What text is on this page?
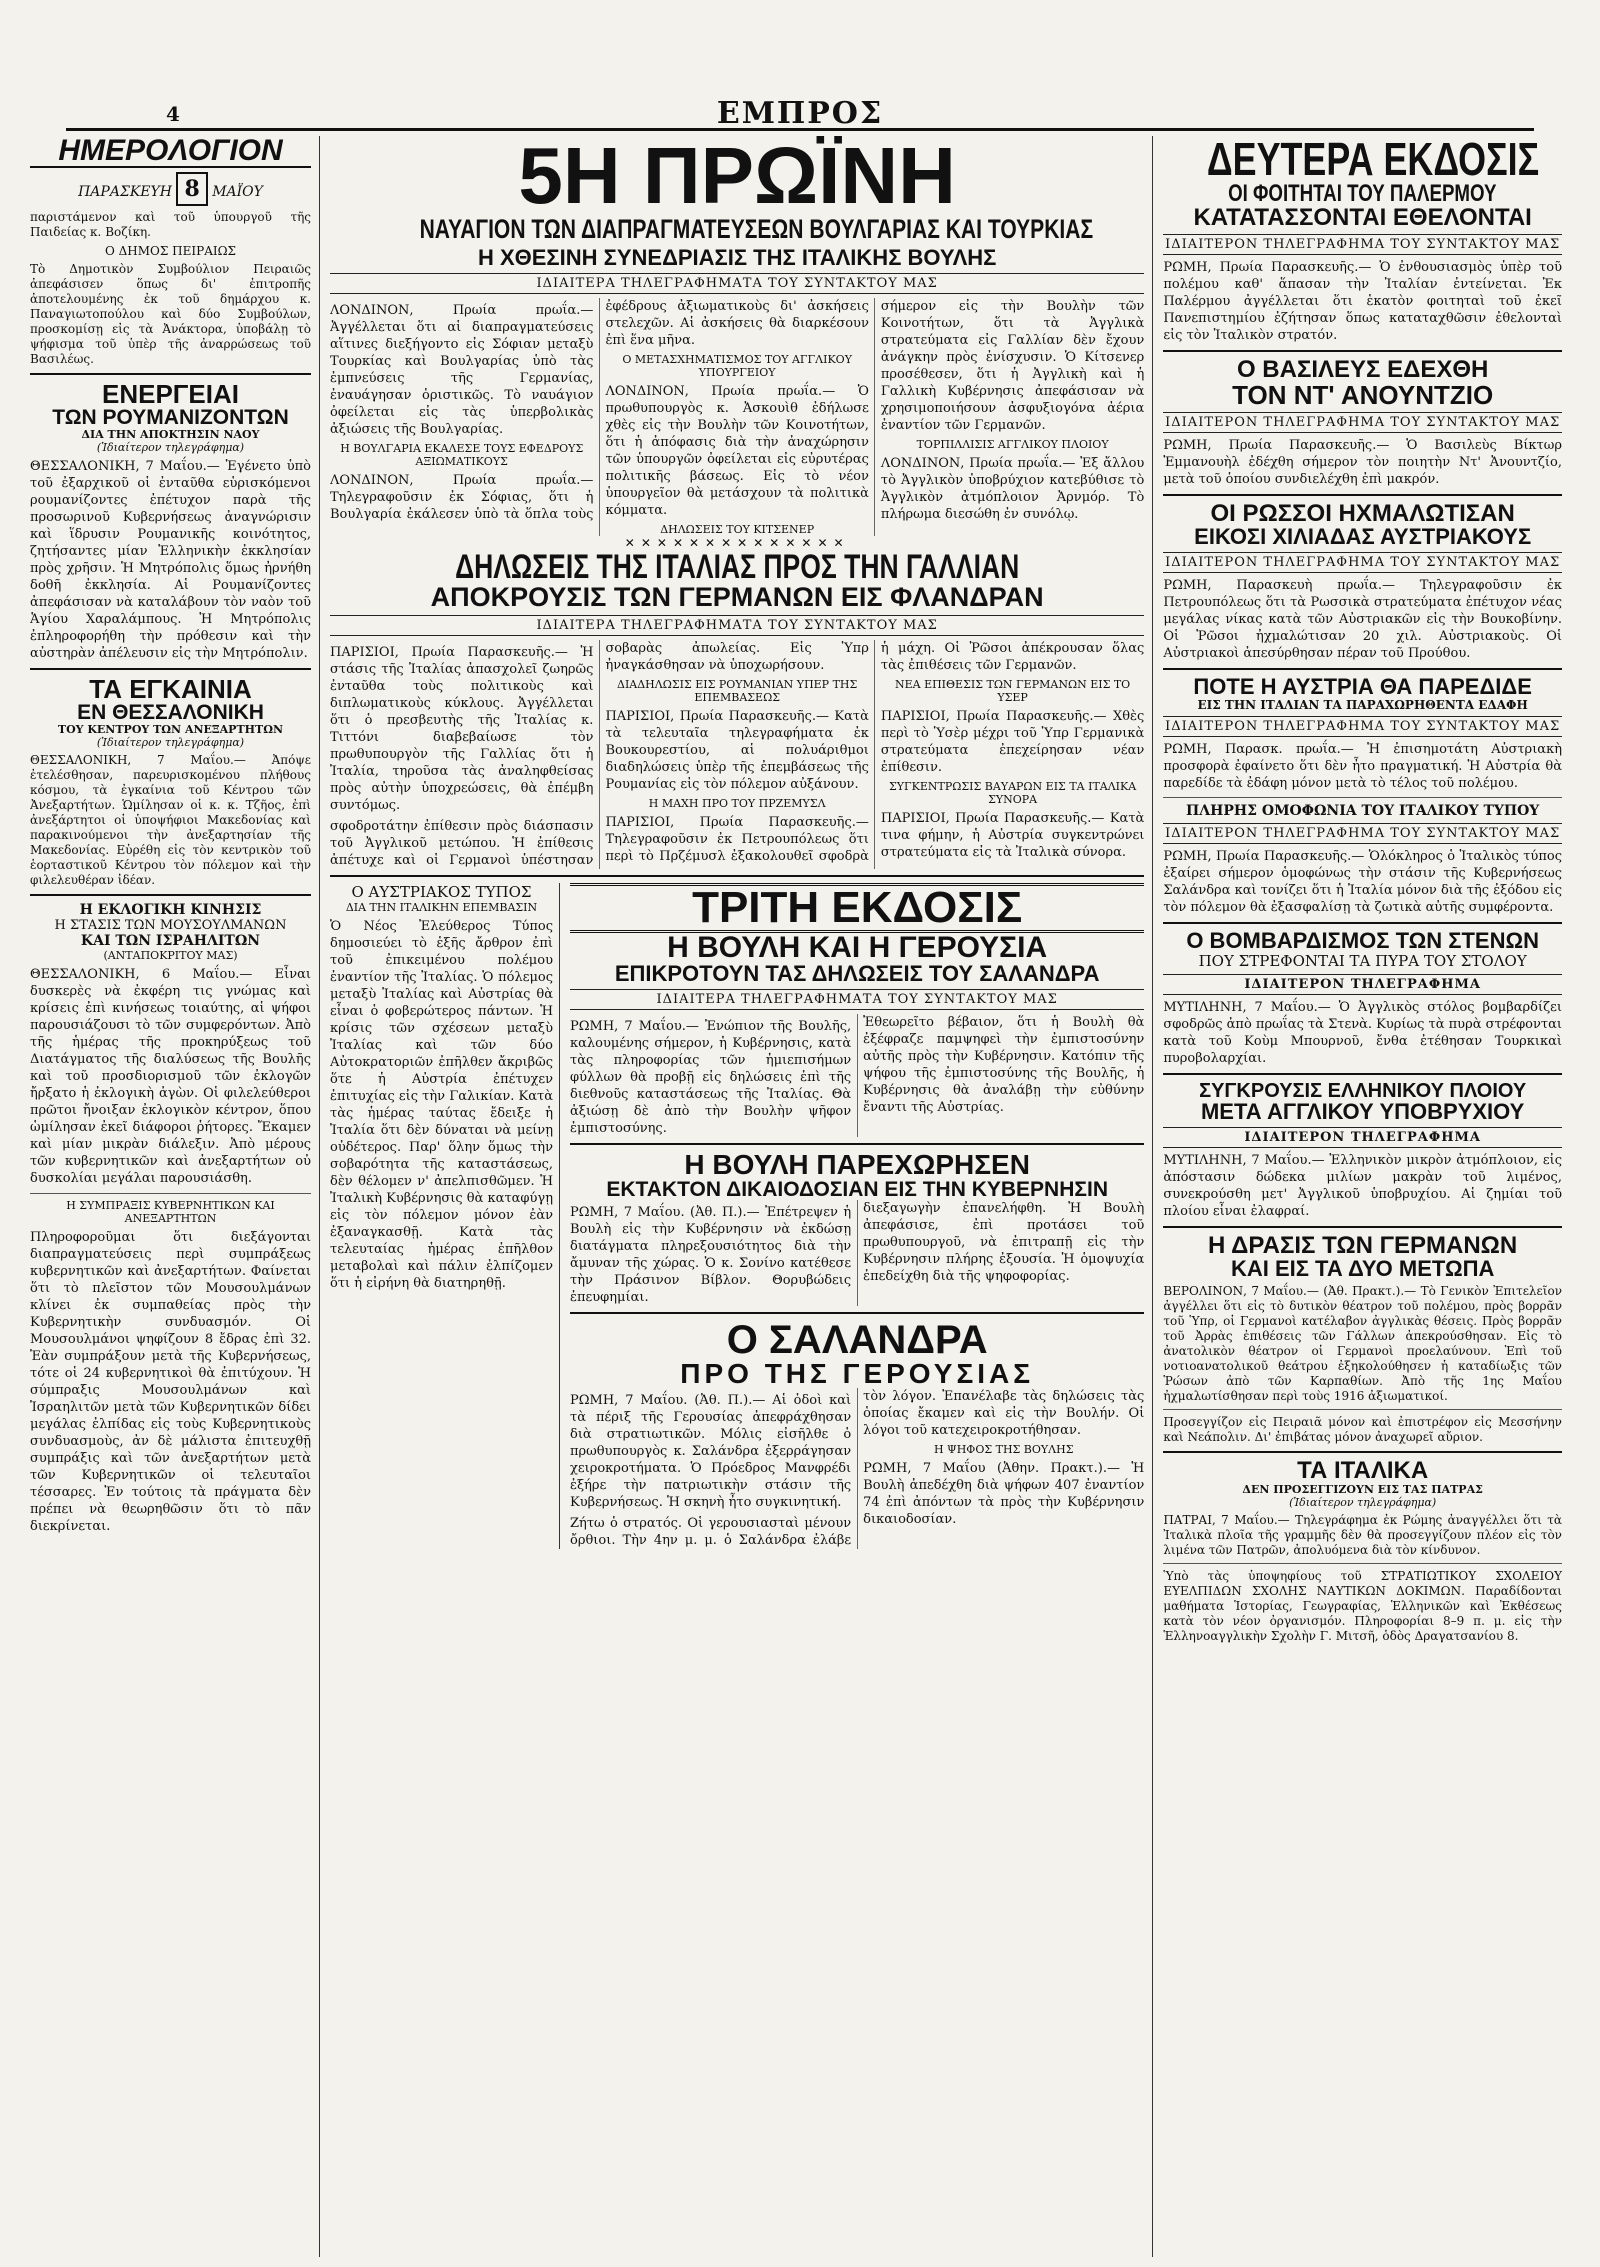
4	ΕΜΠΡΟΣ
ΗΜΕΡΟΛΟΓΙΟΝ
ΠΑΡΑΣΚΕΥΗ 8 ΜΑΪΟΥ
παριστάμενον καὶ τοῦ ὑπουργοῦ τῆς Παιδείας κ. Βοζίκη.
Ο ΔΗΜΟΣ ΠΕΙΡΑΙΩΣ
Τὸ Δημοτικὸν Συμβούλιον Πειραιῶς ἀπεφάσισεν ὅπως δι' ἐπιτροπῆς ἀποτελουμένης ἐκ τοῦ δημάρχου κ. Παναγιωτοπούλου καὶ δύο Συμβούλων, προσκομίσῃ εἰς τὰ Ἀνάκτορα, ὑποβάλῃ τὸ ψήφισμα τοῦ ὑπὲρ τῆς ἀναρρώσεως τοῦ Βασιλέως.
ΕΝΕΡΓΕΙΑΙ
ΤΩΝ ΡΟΥΜΑΝΙΖΟΝΤΩΝ
ΔΙΑ ΤΗΝ ΑΠΟΚΤΗΣΙΝ ΝΑΟΥ
(Ἰδιαίτερον τηλεγράφημα)
ΘΕΣΣΑΛΟΝΙΚΗ, 7 Μαΐου.— Ἐγένετο ὑπὸ τοῦ ἐξαρχικοῦ οἱ ἐνταῦθα εὑρισκόμενοι ρουμανίζοντες ἐπέτυχον παρὰ τῆς προσωρινοῦ Κυβερνήσεως ἀναγνώρισιν καὶ ἵδρυσιν Ρουμανικῆς κοινότητος, ζητήσαντες μίαν Ἑλληνικὴν ἐκκλησίαν πρὸς χρῆσιν. Ἡ Μητρόπολις ὅμως ἠρνήθη δοθῆ ἐκκλησία. Αἱ Ρουμανίζοντες ἀπεφάσισαν νὰ καταλάβουν τὸν ναὸν τοῦ Ἁγίου Χαραλάμπους. Ἡ Μητρόπολις ἐπληροφορήθη τὴν πρόθεσιν καὶ τὴν αὐστηρὰν ἀπέλευσιν εἰς τὴν Μητρόπολιν.
ΤΑ ΕΓΚΑΙΝΙΑ
ΕΝ ΘΕΣΣΑΛΟΝΙΚΗ
ΤΟΥ ΚΕΝΤΡΟΥ ΤΩΝ ΑΝΕΞΑΡΤΗΤΩΝ
(Ἰδιαίτερον τηλεγράφημα)
ΘΕΣΣΑΛΟΝΙΚΗ, 7 Μαΐου.— Ἀπόψε ἐτελέσθησαν, παρευρισκομένου πλήθους κόσμου, τὰ ἐγκαίνια τοῦ Κέντρου τῶν Ἀνεξαρτήτων. Ὡμίλησαν οἱ κ. κ. Τζῆος, ἐπὶ ἀνεξάρτητοι οἱ ὑποψήφιοι Μακεδονίας καὶ παρακινούμενοι τὴν ἀνεξαρτησίαν τῆς Μακεδονίας. Εὑρέθη εἰς τὸν κεντρικὸν τοῦ ἑορταστικοῦ Κέντρου τὸν πόλεμον καὶ τὴν φιλελευθέραν ἰδέαν.
Η ΕΚΛΟΓΙΚΗ ΚΙΝΗΣΙΣ
Η ΣΤΑΣΙΣ ΤΩΝ ΜΟΥΣΟΥΛΜΑΝΩΝ
ΚΑΙ ΤΩΝ ΙΣΡΑΗΛΙΤΩΝ
(ΑΝΤΑΠΟΚΡΙΤΟΥ ΜΑΣ)
ΘΕΣΣΑΛΟΝΙΚΗ, 6 Μαΐου.— Εἶναι δυσκερὲς νὰ ἐκφέρη τις γνώμας καὶ κρίσεις ἐπὶ κινήσεως τοιαύτης, αἱ ψήφοι παρουσιάζουσι τὸ τῶν συμφερόντων. Ἀπὸ τῆς ἡμέρας τῆς προκηρύξεως τοῦ Διατάγματος τῆς διαλύσεως τῆς Βουλῆς καὶ τοῦ προσδιορισμοῦ τῶν ἐκλογῶν ἤρξατο ἡ ἐκλογικὴ ἀγὼν. Οἱ φιλελεύθεροι πρῶτοι ἤνοιξαν ἐκλογικὸν κέντρον, ὅπου ὡμίλησαν ἐκεῖ διάφοροι ῥήτορες. Ἔκαμεν καὶ μίαν μικρὰν διάλεξιν. Ἀπὸ μέρους τῶν κυβερνητικῶν καὶ ἀνεξαρτήτων οὐ δυσκολίαι μεγάλαι παρουσιάσθη.
Η ΣΥΜΠΡΑΞΙΣ ΚΥΒΕΡΝΗΤΙΚΩΝ ΚΑΙ ΑΝΕΞΑΡΤΗΤΩΝ
Πληροφοροῦμαι ὅτι διεξάγονται διαπραγματεύσεις περὶ συμπράξεως κυβερνητικῶν καὶ ἀνεξαρτήτων. Φαίνεται ὅτι τὸ πλεῖστον τῶν Μουσουλμάνων κλίνει ἐκ συμπαθείας πρὸς τὴν Κυβερνητικὴν συνδυασμόν. Οἱ Μουσουλμάνοι ψηφίζουν 8 ἔδρας ἐπὶ 32. Ἐὰν συμπράξουν μετὰ τῆς Κυβερνήσεως, τότε οἱ 24 κυβερνητικοὶ θὰ ἐπιτύχουν. Ἡ σύμπραξις Μουσουλμάνων καὶ Ἰσραηλιτῶν μετὰ τῶν Κυβερνητικῶν δίδει μεγάλας ἐλπίδας εἰς τοὺς Κυβερνητικοὺς συνδυασμοὺς, ἀν δὲ μάλιστα ἐπιτευχθῇ συμπράξις καὶ τῶν ἀνεξαρτήτων μετὰ τῶν Κυβερνητικῶν οἱ τελευταῖοι τέσσαρες. Ἐν τούτοις τὰ πράγματα δὲν πρέπει νὰ θεωρηθῶσιν ὅτι τὸ πᾶν διεκρίνεται.
5Η ΠΡΩΪΝΗ
ΝΑΥΑΓΙΟΝ ΤΩΝ ΔΙΑΠΡΑΓΜΑΤΕΥΣΕΩΝ ΒΟΥΛΓΑΡΙΑΣ ΚΑΙ ΤΟΥΡΚΙΑΣ
Η ΧΘΕΣΙΝΗ ΣΥΝΕΔΡΙΑΣΙΣ ΤΗΣ ΙΤΑΛΙΚΗΣ ΒΟΥΛΗΣ
ΙΔΙΑΙΤΕΡΑ ΤΗΛΕΓΡΑΦΗΜΑΤΑ ΤΟΥ ΣΥΝΤΑΚΤΟΥ ΜΑΣ
ΛΟΝΔΙΝΟΝ, Πρωία πρωΐα.— Ἀγγέλλεται ὅτι αἱ διαπραγματεύσεις αἵτινες διεξήγοντο εἰς Σόφιαν μεταξὺ Τουρκίας καὶ Βουλγαρίας ὑπὸ τὰς ἐμπνεύσεις τῆς Γερμανίας, ἐναυάγησαν ὁριστικῶς. Τὸ ναυάγιον ὀφείλεται εἰς τὰς ὑπερβολικὰς ἀξιώσεις τῆς Βουλγαρίας.
Η ΒΟΥΛΓΑΡΙΑ ΕΚΑΛΕΣΕ ΤΟΥΣ ΕΦΕΔΡΟΥΣ ΑΞΙΩΜΑΤΙΚΟΥΣ
ΛΟΝΔΙΝΟΝ, Πρωία πρωΐα.— Τηλεγραφοῦσιν ἐκ Σόφιας, ὅτι ἡ Βουλγαρία ἐκάλεσεν ὑπὸ τὰ ὅπλα τοὺς ἐφέδρους ἀξιωματικοὺς δι' ἀσκήσεις στελεχῶν. Αἱ ἀσκήσεις θὰ διαρκέσουν ἐπὶ ἕνα μῆνα.
Ο ΜΕΤΑΣΧΗΜΑΤΙΣΜΟΣ ΤΟΥ ΑΓΓΛΙΚΟΥ ΥΠΟΥΡΓΕΙΟΥ
ΛΟΝΔΙΝΟΝ, Πρωία πρωΐα.— Ὁ πρωθυπουργὸς κ. Ἀσκουὶθ ἐδήλωσε χθὲς εἰς τὴν Βουλὴν τῶν Κοινοτήτων, ὅτι ἡ ἀπόφασις διὰ τὴν ἀναχώρησιν τῶν ὑπουργῶν ὀφείλεται εἰς εὐρυτέρας πολιτικῆς βάσεως. Εἰς τὸ νέον ὑπουργεῖον θὰ μετάσχουν τὰ πολιτικὰ κόμματα.
ΔΗΛΩΣΕΙΣ ΤΟΥ ΚΙΤΣΕΝΕΡ
σήμερον εἰς τὴν Βουλὴν τῶν Κοινοτήτων, ὅτι τὰ Ἀγγλικὰ στρατεύματα εἰς Γαλλίαν δὲν ἔχουν ἀνάγκην πρὸς ἐνίσχυσιν. Ὁ Κίτσενερ προσέθεσεν, ὅτι ἡ Ἀγγλικὴ καὶ ἡ Γαλλικὴ Κυβέρνησις ἀπεφάσισαν νὰ χρησιμοποιήσουν ἀσφυξιογόνα ἀέρια ἐναντίον τῶν Γερμανῶν.
ΤΟΡΠΙΛΛΙΣΙΣ ΑΓΓΛΙΚΟΥ ΠΛΟΙΟΥ
ΛΟΝΔΙΝΟΝ, Πρωία πρωΐα.— Ἐξ ἄλλου τὸ Ἀγγλικὸν ὑποβρύχιον κατεβύθισε τὸ Ἀγγλικὸν ἀτμόπλοιον Ἀρνμόρ. Τὸ πλήρωμα διεσώθη ἐν συνόλῳ.
✕✕✕✕✕✕✕✕✕✕✕✕✕✕
ΔΗΛΩΣΕΙΣ ΤΗΣ ΙΤΑΛΙΑΣ ΠΡΟΣ ΤΗΝ ΓΑΛΛΙΑΝ
ΑΠΟΚΡΟΥΣΙΣ ΤΩΝ ΓΕΡΜΑΝΩΝ ΕΙΣ ΦΛΑΝΔΡΑΝ
ΙΔΙΑΙΤΕΡΑ ΤΗΛΕΓΡΑΦΗΜΑΤΑ ΤΟΥ ΣΥΝΤΑΚΤΟΥ ΜΑΣ
ΠΑΡΙΣΙΟΙ, Πρωία Παρασκευῆς.— Ἡ στάσις τῆς Ἰταλίας ἀπασχολεῖ ζωηρῶς ἐνταῦθα τοὺς πολιτικοὺς καὶ διπλωματικοὺς κύκλους. Ἀγγέλλεται ὅτι ὁ πρεσβευτὴς τῆς Ἰταλίας κ. Τιττόνι διαβεβαίωσε τὸν πρωθυπουργὸν τῆς Γαλλίας ὅτι ἡ Ἰταλία, τηροῦσα τὰς ἀναληφθείσας πρὸς αὐτὴν ὑποχρεώσεις, θὰ ἐπέμβη συντόμως.
σφοδροτάτην ἐπίθεσιν πρὸς διάσπασιν τοῦ Ἀγγλικοῦ μετώπου. Ἡ ἐπίθεσις ἀπέτυχε καὶ οἱ Γερμανοὶ ὑπέστησαν σοβαρὰς ἀπωλείας. Εἰς Ὑπρ ἠναγκάσθησαν νὰ ὑποχωρήσουν.
ΔΙΑΔΗΛΩΣΙΣ ΕΙΣ ΡΟΥΜΑΝΙΑΝ ΥΠΕΡ ΤΗΣ ΕΠΕΜΒΑΣΕΩΣ
ΠΑΡΙΣΙΟΙ, Πρωία Παρασκευῆς.— Κατὰ τὰ τελευταῖα τηλεγραφήματα ἐκ Βουκουρεστίου, αἱ πολυάριθμοι διαδηλώσεις ὑπὲρ τῆς ἐπεμβάσεως τῆς Ρουμανίας εἰς τὸν πόλεμον αὐξάνουν.
Η ΜΑΧΗ ΠΡΟ ΤΟΥ ΠΡΖΕΜΥΣΛ
ΠΑΡΙΣΙΟΙ, Πρωία Παρασκευῆς.— Τηλεγραφοῦσιν ἐκ Πετρουπόλεως ὅτι περὶ τὸ Πρζέμυσλ ἐξακολουθεῖ σφοδρὰ ἡ μάχη. Οἱ Ῥῶσοι ἀπέκρουσαν ὅλας τὰς ἐπιθέσεις τῶν Γερμανῶν.
ΝΕΑ ΕΠΙΘΕΣΙΣ ΤΩΝ ΓΕΡΜΑΝΩΝ ΕΙΣ ΤΟ ΥΣΕΡ
ΠΑΡΙΣΙΟΙ, Πρωία Παρασκευῆς.— Χθὲς περὶ τὸ Ὑσὲρ μέχρι τοῦ Ὑπρ Γερμανικὰ στρατεύματα ἐπεχείρησαν νέαν ἐπίθεσιν.
ΣΥΓΚΕΝΤΡΩΣΙΣ ΒΑΥΑΡΩΝ ΕΙΣ ΤΑ ΙΤΑΛΙΚΑ ΣΥΝΟΡΑ
ΠΑΡΙΣΙΟΙ, Πρωία Παρασκευῆς.— Κατὰ τινα φήμην, ἡ Αὐστρία συγκεντρώνει στρατεύματα εἰς τὰ Ἰταλικὰ σύνορα.
Ο ΑΥΣΤΡΙΑΚΟΣ ΤΥΠΟΣ
ΔΙΑ ΤΗΝ ΙΤΑΛΙΚΗΝ ΕΠΕΜΒΑΣΙΝ
Ὁ Νέος Ἐλεύθερος Τύπος δημοσιεύει τὸ ἑξῆς ἄρθρον ἐπὶ τοῦ ἐπικειμένου πολέμου ἐναντίον τῆς Ἰταλίας. Ὁ πόλεμος μεταξὺ Ἰταλίας καὶ Αὐστρίας θὰ εἶναι ὁ φοβερώτερος πάντων. Ἡ κρίσις τῶν σχέσεων μεταξὺ Ἰταλίας καὶ τῶν δύο Αὐτοκρατοριῶν ἐπῆλθεν ἄκριβῶς ὅτε ἡ Αὐστρία ἐπέτυχεν ἐπιτυχίας εἰς τὴν Γαλικίαν. Κατὰ τὰς ἡμέρας ταύτας ἔδειξε ἡ Ἰταλία ὅτι δὲν δύναται νὰ μείνῃ οὐδέτερος. Παρ' ὅλην ὅμως τὴν σοβαρότητα τῆς καταστάσεως, δὲν θέλομεν ν' ἀπελπισθῶμεν. Ἡ Ἰταλικὴ Κυβέρνησις θὰ καταφύγῃ εἰς τὸν πόλεμον μόνον ἐὰν ἐξαναγκασθῇ. Κατὰ τὰς τελευταίας ἡμέρας ἐπῆλθον μεταβολαὶ καὶ πάλιν ἐλπίζομεν ὅτι ἡ εἰρήνη θὰ διατηρηθῇ.
ΤΡΙΤΗ ΕΚΔΟΣΙΣ
Η ΒΟΥΛΗ ΚΑΙ Η ΓΕΡΟΥΣΙΑ
ΕΠΙΚΡΟΤΟΥΝ ΤΑΣ ΔΗΛΩΣΕΙΣ ΤΟΥ ΣΑΛΑΝΔΡΑ
ΙΔΙΑΙΤΕΡΑ ΤΗΛΕΓΡΑΦΗΜΑΤΑ ΤΟΥ ΣΥΝΤΑΚΤΟΥ ΜΑΣ
ΡΩΜΗ, 7 Μαΐου.— Ἐνώπιον τῆς Βουλῆς, καλουμένης σήμερον, ἡ Κυβέρνησις, κατὰ τὰς πληροφορίας τῶν ἡμιεπισήμων φύλλων θὰ προβῇ εἰς δηλώσεις ἐπὶ τῆς διεθνοῦς καταστάσεως τῆς Ἰταλίας. Θὰ ἀξιώσῃ δὲ ἀπὸ τὴν Βουλὴν ψῆφον ἐμπιστοσύνης.
Ἐθεωρεῖτο βέβαιον, ὅτι ἡ Βουλὴ θὰ ἐξέφραζε παμψηφεὶ τὴν ἐμπιστοσύνην αὐτῆς πρὸς τὴν Κυβέρνησιν. Κατόπιν τῆς ψήφου τῆς ἐμπιστοσύνης τῆς Βουλῆς, ἡ Κυβέρνησις θὰ ἀναλάβῃ τὴν εὐθύνην ἔναντι τῆς Αὐστρίας.
Η ΒΟΥΛΗ ΠΑΡΕΧΩΡΗΣΕΝ
ΕΚΤΑΚΤΟΝ ΔΙΚΑΙΟΔΟΣΙΑΝ ΕΙΣ ΤΗΝ ΚΥΒΕΡΝΗΣΙΝ
ΡΩΜΗ, 7 Μαΐου. (Ἀθ. Π.).— Ἐπέτρεψεν ἡ Βουλὴ εἰς τὴν Κυβέρνησιν νὰ ἐκδώσῃ διατάγματα πληρεξουσιότητος διὰ τὴν ἄμυναν τῆς χώρας. Ὁ κ. Σονίνο κατέθεσε τὴν Πράσινον Βίβλον. Θορυβώδεις ἐπευφημίαι.
διεξαγωγὴν ἐπανελήφθη. Ἡ Βουλὴ ἀπεφάσισε, ἐπὶ προτάσει τοῦ πρωθυπουργοῦ, νὰ ἐπιτραπῇ εἰς τὴν Κυβέρνησιν πλήρης ἐξουσία. Ἡ ὁμοψυχία ἐπεδείχθη διὰ τῆς ψηφοφορίας.
Ο ΣΑΛΑΝΔΡΑ
ΠΡΟ ΤΗΣ ΓΕΡΟΥΣΙΑΣ
ΡΩΜΗ, 7 Μαΐου. (Ἀθ. Π.).— Αἱ ὁδοὶ καὶ τὰ πέριξ τῆς Γερουσίας ἀπεφράχθησαν διὰ στρατιωτικῶν. Μόλις εἰσῆλθε ὁ πρωθυπουργὸς κ. Σαλάνδρα ἐξερράγησαν χειροκροτήματα. Ὁ Πρόεδρος Μανφρέδι ἐξήρε τὴν πατριωτικὴν στάσιν τῆς Κυβερνήσεως. Ἡ σκηνὴ ἦτο συγκινητική.
Ζήτω ὁ στρατός. Οἱ γερουσιασταὶ μένουν ὄρθιοι. Τὴν 4ην μ. μ. ὁ Σαλάνδρα ἐλάβε τὸν λόγον. Ἐπανέλαβε τὰς δηλώσεις τὰς ὁποίας ἔκαμεν καὶ εἰς τὴν Βουλήν. Οἱ λόγοι τοῦ κατεχειροκροτήθησαν.
Η ΨΗΦΟΣ ΤΗΣ ΒΟΥΛΗΣ
ΡΩΜΗ, 7 Μαΐου (Ἀθην. Πρακτ.).— Ἡ Βουλὴ ἀπεδέχθη διὰ ψήφων 407 ἐναντίον 74 ἐπὶ ἀπόντων τὰ πρὸς τὴν Κυβέρνησιν δικαιοδοσίαν.
ΔΕΥΤΕΡΑ ΕΚΔΟΣΙΣ
ΟΙ ΦΟΙΤΗΤΑΙ ΤΟΥ ΠΑΛΕΡΜΟΥ
ΚΑΤΑΤΑΣΣΟΝΤΑΙ ΕΘΕΛΟΝΤΑΙ
ΙΔΙΑΙΤΕΡΟΝ ΤΗΛΕΓΡΑΦΗΜΑ ΤΟΥ ΣΥΝΤΑΚΤΟΥ ΜΑΣ
ΡΩΜΗ, Πρωία Παρασκευῆς.— Ὁ ἐνθουσιασμὸς ὑπὲρ τοῦ πολέμου καθ' ἅπασαν τὴν Ἰταλίαν ἐντείνεται. Ἐκ Παλέρμου ἀγγέλλεται ὅτι ἑκατὸν φοιτηταὶ τοῦ ἐκεῖ Πανεπιστημίου ἐζήτησαν ὅπως καταταχθῶσιν ἐθελονταὶ εἰς τὸν Ἰταλικὸν στρατόν.
Ο ΒΑΣΙΛΕΥΣ ΕΔΕΧΘΗ
ΤΟΝ ΝΤ' ΑΝΟΥΝΤΖΙΟ
ΙΔΙΑΙΤΕΡΟΝ ΤΗΛΕΓΡΑΦΗΜΑ ΤΟΥ ΣΥΝΤΑΚΤΟΥ ΜΑΣ
ΡΩΜΗ, Πρωία Παρασκευῆς.— Ὁ Βασιλεὺς Βίκτωρ Ἐμμανουὴλ ἐδέχθη σήμερον τὸν ποιητὴν Ντ' Ἀνουντζίο, μετὰ τοῦ ὁποίου συνδιελέχθη ἐπὶ μακρόν.
ΟΙ ΡΩΣΣΟΙ ΗΧΜΑΛΩΤΙΣΑΝ
ΕΙΚΟΣΙ ΧΙΛΙΑΔΑΣ ΑΥΣΤΡΙΑΚΟΥΣ
ΙΔΙΑΙΤΕΡΟΝ ΤΗΛΕΓΡΑΦΗΜΑ ΤΟΥ ΣΥΝΤΑΚΤΟΥ ΜΑΣ
ΡΩΜΗ, Παρασκευὴ πρωΐα.— Τηλεγραφοῦσιν ἐκ Πετρουπόλεως ὅτι τὰ Ρωσσικὰ στρατεύματα ἐπέτυχον νέας μεγάλας νίκας κατὰ τῶν Αὐστριακῶν εἰς τὴν Βουκοβίνην. Οἱ Ῥῶσοι ἠχμαλώτισαν 20 χιλ. Αὐστριακοὺς. Οἱ Αὐστριακοὶ ἀπεσύρθησαν πέραν τοῦ Προύθου.
ΠΟΤΕ Η ΑΥΣΤΡΙΑ ΘΑ ΠΑΡΕΔΙΔΕ
ΕΙΣ ΤΗΝ ΙΤΑΛΙΑΝ ΤΑ ΠΑΡΑΧΩΡΗΘΕΝΤΑ ΕΔΑΦΗ
ΙΔΙΑΙΤΕΡΟΝ ΤΗΛΕΓΡΑΦΗΜΑ ΤΟΥ ΣΥΝΤΑΚΤΟΥ ΜΑΣ
ΡΩΜΗ, Παρασκ. πρωΐα.— Ἡ ἐπισημοτάτη Αὐστριακὴ προσφορὰ ἐφαίνετο ὅτι δὲν ἦτο πραγματική. Ἡ Αὐστρία θὰ παρεδίδε τὰ ἐδάφη μόνον μετὰ τὸ τέλος τοῦ πολέμου.
ΠΛΗΡΗΣ ΟΜΟΦΩΝΙΑ ΤΟΥ ΙΤΑΛΙΚΟΥ ΤΥΠΟΥ
ΙΔΙΑΙΤΕΡΟΝ ΤΗΛΕΓΡΑΦΗΜΑ ΤΟΥ ΣΥΝΤΑΚΤΟΥ ΜΑΣ
ΡΩΜΗ, Πρωία Παρασκευῆς.— Ὁλόκληρος ὁ Ἰταλικὸς τύπος ἐξαίρει σήμερον ὁμοφώνως τὴν στάσιν τῆς Κυβερνήσεως Σαλάνδρα καὶ τονίζει ὅτι ἡ Ἰταλία μόνον διὰ τῆς ἐξόδου εἰς τὸν πόλεμον θὰ ἐξασφαλίσῃ τὰ ζωτικὰ αὐτῆς συμφέροντα.
Ο ΒΟΜΒΑΡΔΙΣΜΟΣ ΤΩΝ ΣΤΕΝΩΝ
ΠΟΥ ΣΤΡΕΦΟΝΤΑΙ ΤΑ ΠΥΡΑ ΤΟΥ ΣΤΟΛΟΥ
ΙΔΙΑΙΤΕΡΟΝ ΤΗΛΕΓΡΑΦΗΜΑ
ΜΥΤΙΛΗΝΗ, 7 Μαΐου.— Ὁ Ἀγγλικὸς στόλος βομβαρδίζει σφοδρῶς ἀπὸ πρωΐας τὰ Στενὰ. Κυρίως τὰ πυρὰ στρέφονται κατὰ τοῦ Κοὺμ Μπουρνοῦ, ἔνθα ἐτέθησαν Τουρκικαὶ πυροβολαρχίαι.
ΣΥΓΚΡΟΥΣΙΣ ΕΛΛΗΝΙΚΟΥ ΠΛΟΙΟΥ
ΜΕΤΑ ΑΓΓΛΙΚΟΥ ΥΠΟΒΡΥΧΙΟΥ
ΙΔΙΑΙΤΕΡΟΝ ΤΗΛΕΓΡΑΦΗΜΑ
ΜΥΤΙΛΗΝΗ, 7 Μαΐου.— Ἑλληνικὸν μικρὸν ἀτμόπλοιον, εἰς ἀπόστασιν δώδεκα μιλίων μακρὰν τοῦ λιμένος, συνεκρούσθη μετ' Ἀγγλικοῦ ὑποβρυχίου. Αἱ ζημίαι τοῦ πλοίου εἶναι ἐλαφραί.
Η ΔΡΑΣΙΣ ΤΩΝ ΓΕΡΜΑΝΩΝ
ΚΑΙ ΕΙΣ ΤΑ ΔΥΟ ΜΕΤΩΠΑ
ΒΕΡΟΛΙΝΟΝ, 7 Μαΐου.— (Ἀθ. Πρακτ.).— Τὸ Γενικὸν Ἐπιτελεῖον ἀγγέλλει ὅτι εἰς τὸ δυτικὸν θέατρον τοῦ πολέμου, πρὸς βορρᾶν τοῦ Ὑπρ, οἱ Γερμανοὶ κατέλαβον ἀγγλικὰς θέσεις. Πρὸς βορρᾶν τοῦ Ἀρρὰς ἐπιθέσεις τῶν Γάλλων ἀπεκρούσθησαν. Εἰς τὸ ἀνατολικὸν θέατρον οἱ Γερμανοὶ προελαύνουν. Ἐπὶ τοῦ νοτιοανατολικοῦ θεάτρου ἐξηκολούθησεν ἡ καταδίωξις τῶν Ῥώσων ἀπὸ τῶν Καρπαθίων. Ἀπὸ τῆς 1ης Μαΐου ἠχμαλωτίσθησαν περὶ τοὺς 1916 ἀξιωματικοί.
Προσεγγίζον εἰς Πειραιᾶ μόνον καὶ ἐπιστρέφον εἰς Μεσσήνην καὶ Νεάπολιν. Δι' ἐπιβάτας μόνον ἀναχωρεῖ αὔριον.
ΤΑ ΙΤΑΛΙΚΑ
ΔΕΝ ΠΡΟΣΕΓΓΙΖΟΥΝ ΕΙΣ ΤΑΣ ΠΑΤΡΑΣ
(Ἰδιαίτερον τηλεγράφημα)
ΠΑΤΡΑΙ, 7 Μαΐου.— Τηλεγράφημα ἐκ Ρώμης ἀναγγέλλει ὅτι τὰ Ἰταλικὰ πλοῖα τῆς γραμμῆς δὲν θὰ προσεγγίζουν πλέον εἰς τὸν λιμένα τῶν Πατρῶν, ἀπολυόμενα διὰ τὸν κίνδυνον.
Ὑπὸ τὰς ὑποψηφίους τοῦ ΣΤΡΑΤΙΩΤΙΚΟΥ ΣΧΟΛΕΙΟΥ ΕΥΕΛΠΙΔΩΝ ΣΧΟΛΗΣ ΝΑΥΤΙΚΩΝ ΔΟΚΙΜΩΝ. Παραδίδονται μαθήματα Ἱστορίας, Γεωγραφίας, Ἑλληνικῶν καὶ Ἐκθέσεως κατὰ τὸν νέον ὀργανισμόν. Πληροφορίαι 8–9 π. μ. εἰς τὴν Ἑλληνοαγγλικὴν Σχολὴν Γ. Μιτσῆ, ὁδὸς Δραγατσανίου 8.
